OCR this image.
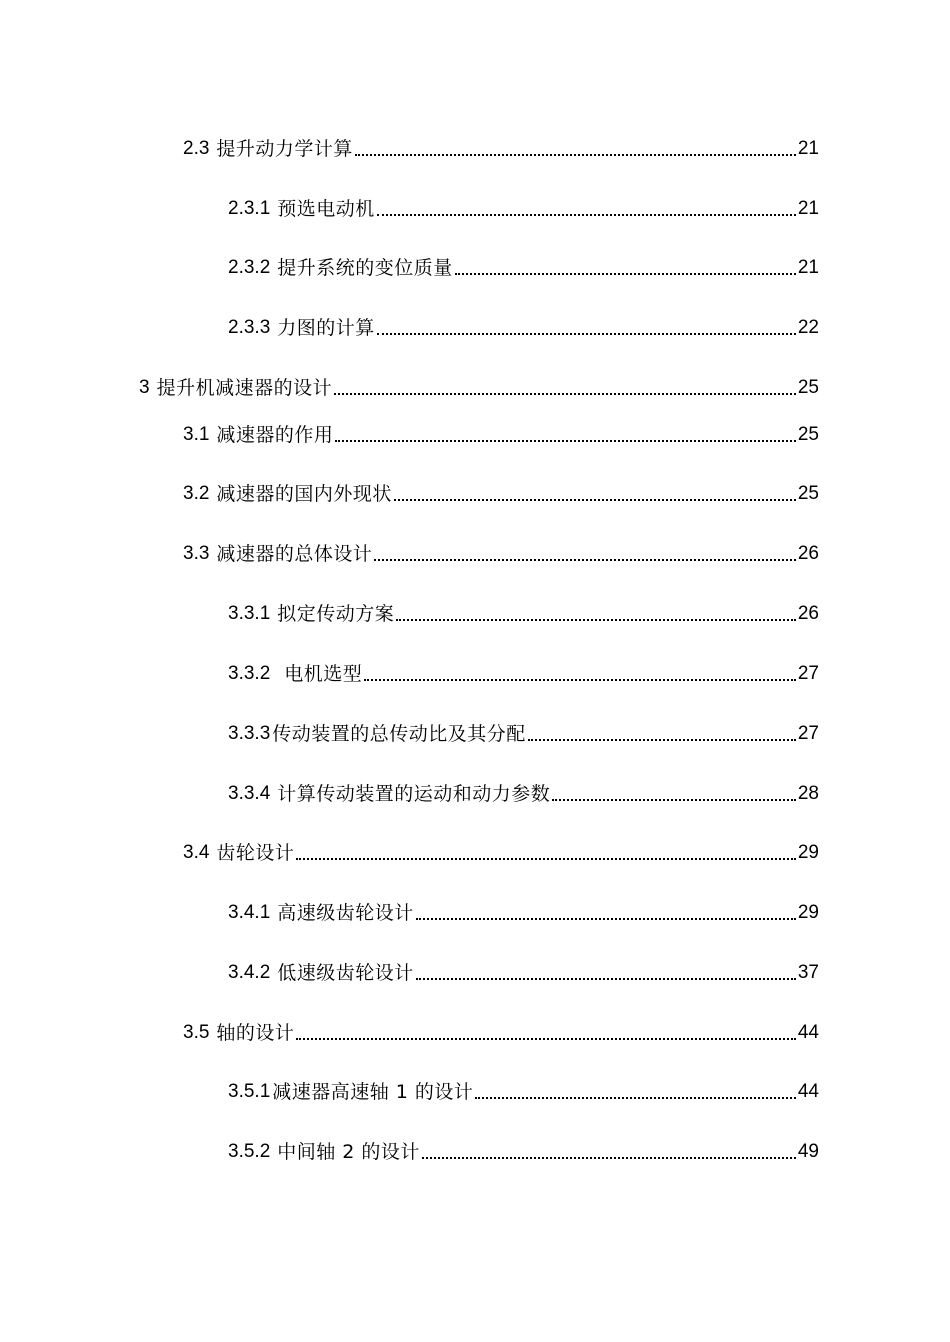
2.3 提升动力学计算	21
2.3.1 预选电动机	21
2.3.2 提升系统的变位质量	21
2.3.3 力图的计算	22
3 提升机减速器的设计	25
3.1 减速器的作用	25
3.2 减速器的国内外现状	25
3.3 减速器的总体设计	26
3.3.1 拟定传动方案	26
3.3.2 电机选型	27
3.3.3 传动装置的总传动比及其分配	27
3.3.4 计算传动装置的运动和动力参数	28
3.4 齿轮设计	29
3.4.1 高速级齿轮设计	29
3.4.2 低速级齿轮设计	37
3.5 轴的设计	44
3.5.1 减速器高速轴 1 的设计	44
3.5.2 中间轴 2 的设计	49
